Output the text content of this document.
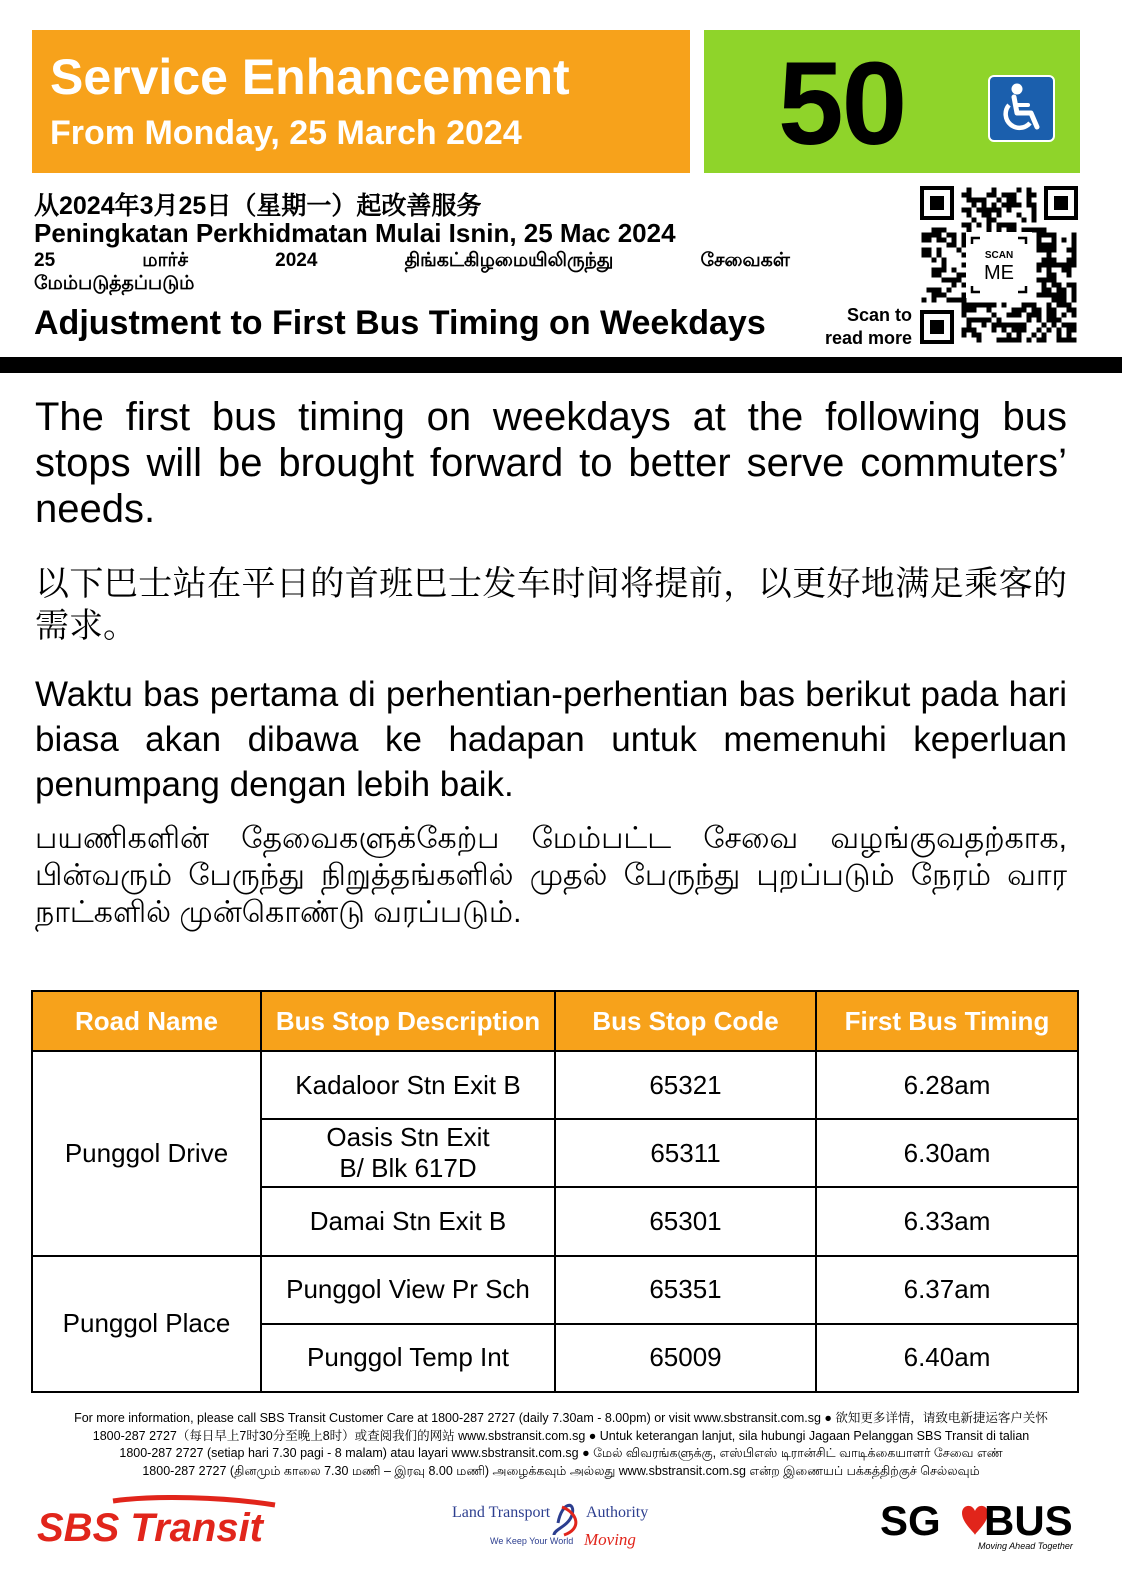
Service Enhancement
From Monday, 25 March 2024 50
从2024年3月25日（星期一）起改善服务
Peningkatan Perkhidmatan Mulai Isnin, 25 Mac 2024
25	மார்ச்	2024	திங்கட்கிழமையிலிருந்து	சேவைகள்
மேம்படுத்தப்படும்
Adjustment to First Bus Timing on Weekdays	Scan to
read more
SCAN
ME
The first bus timing on weekdays at the following bus stops will be brought forward to better serve commuters’ needs.
以下巴士站在平日的首班巴士发车时间将提前，以更好地满足乘客的需求。
Waktu bas pertama di perhentian-perhentian bas berikut pada hari biasa akan dibawa ke hadapan untuk memenuhi keperluan penumpang dengan lebih baik.
பயணிகளின் தேவைகளுக்கேற்ப மேம்பட்ட சேவை வழங்குவதற்காக, பின்வரும் பேருந்து நிறுத்தங்களில் முதல் பேருந்து புறப்படும் நேரம் வார நாட்களில் முன்கொண்டு வரப்படும்.
Road Name	Bus Stop Description	Bus Stop Code	First Bus Timing
Punggol Drive	Kadaloor Stn Exit B	65321	6.28am
	Oasis Stn Exit B/ Blk 617D	65311	6.30am
	Damai Stn Exit B	65301	6.33am
Punggol Place	Punggol View Pr Sch	65351	6.37am
	Punggol Temp Int	65009	6.40am
For more information, please call SBS Transit Customer Care at 1800-287 2727 (daily 7.30am - 8.00pm) or visit www.sbstransit.com.sg ● 欲知更多详情，请致电新捷运客户关怀
1800-287 2727（每日早上7时30分至晚上8时）或查阅我们的网站 www.sbstransit.com.sg ● Untuk keterangan lanjut, sila hubungi Jagaan Pelanggan SBS Transit di talian
1800-287 2727 (setiap hari 7.30 pagi - 8 malam) atau layari www.sbstransit.com.sg ● மேல் விவரங்களுக்கு, எஸ்பிஎஸ் டிரான்சிட் வாடிக்கையாளர் சேவை எண்
1800-287 2727 (தினமும் காலை 7.30 மணி – இரவு 8.00 மணி) அழைக்கவும் அல்லது www.sbstransit.com.sg என்ற இணையப் பக்கத்திற்குச் செல்லவும்
SBS Transit	Land Transport Authority
We Keep Your World Moving	SG BUS
Moving Ahead Together
